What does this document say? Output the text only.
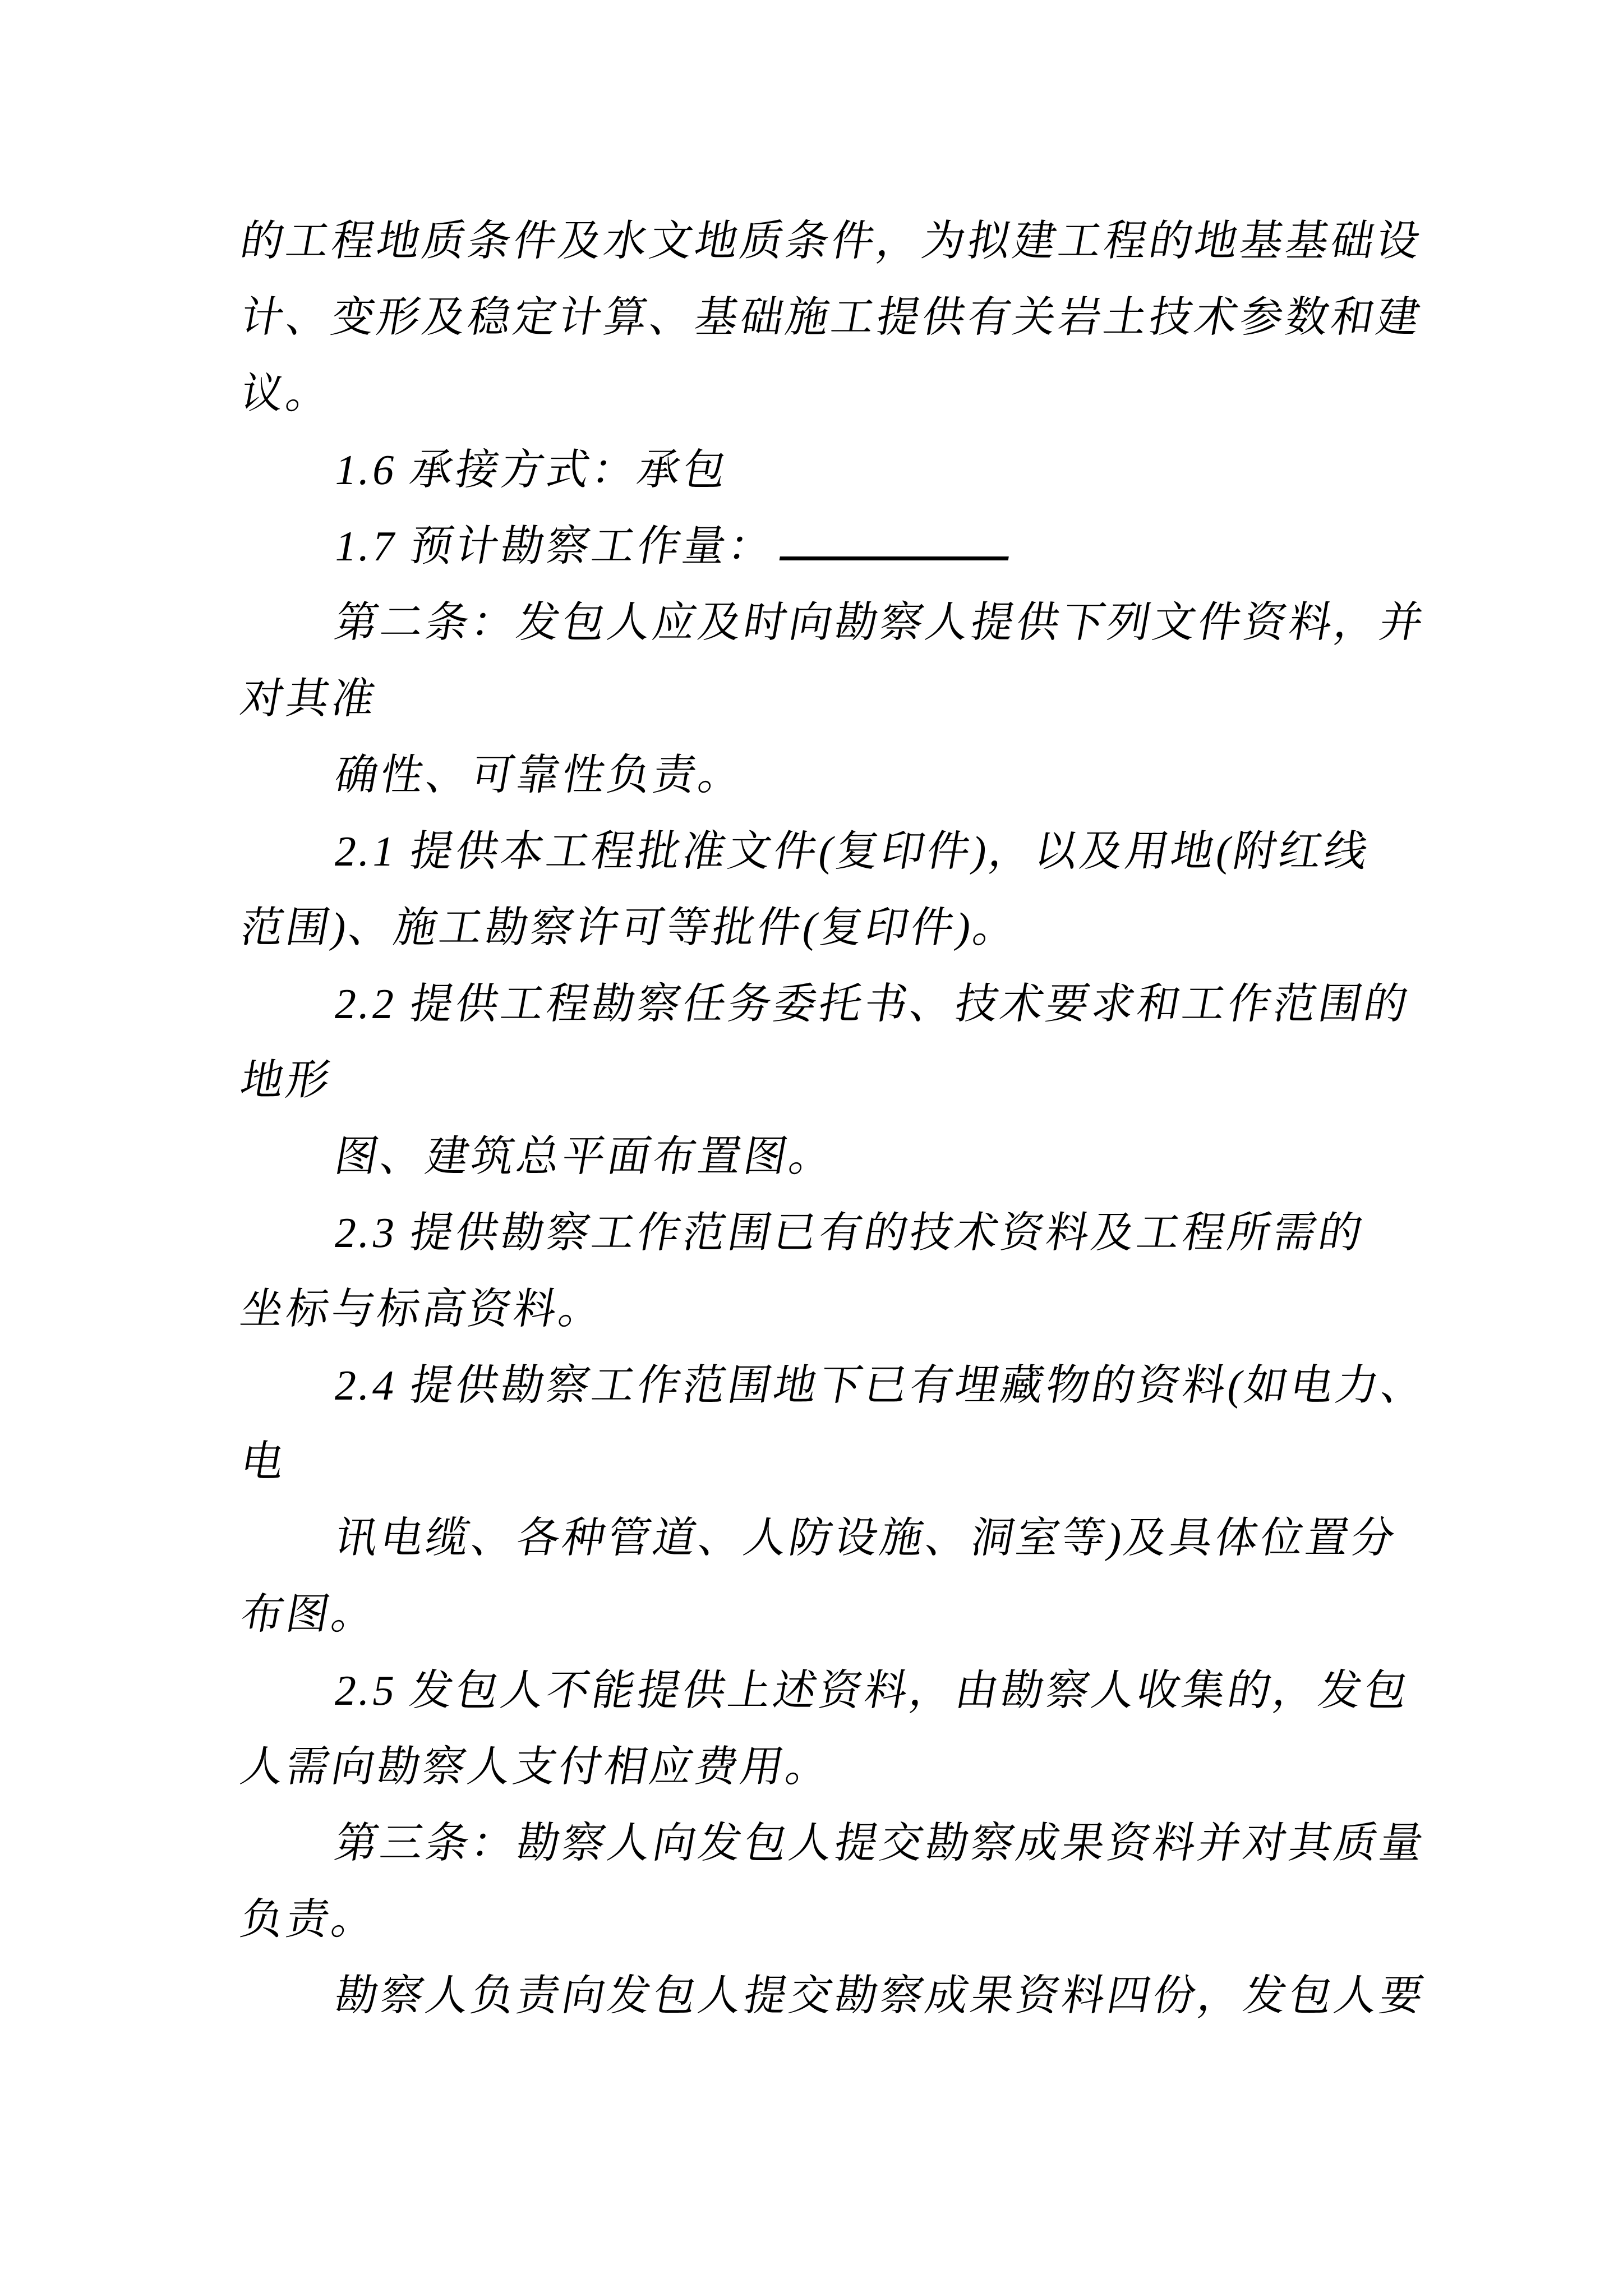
的工程地质条件及水文地质条件，为拟建工程的地基基础设
计、变形及稳定计算、基础施工提供有关岩土技术参数和建
议。
1.6 承接方式：承包
1.7 预计勘察工作量：
第二条：发包人应及时向勘察人提供下列文件资料，并
对其准
确性、可靠性负责。
2.1 提供本工程批准文件(复印件)，以及用地(附红线
范围)、施工勘察许可等批件(复印件)。
2.2 提供工程勘察任务委托书、技术要求和工作范围的
地形
图、建筑总平面布置图。
2.3 提供勘察工作范围已有的技术资料及工程所需的
坐标与标高资料。
2.4 提供勘察工作范围地下已有埋藏物的资料(如电力、
电
讯电缆、各种管道、人防设施、洞室等)及具体位置分
布图。
2.5 发包人不能提供上述资料，由勘察人收集的，发包
人需向勘察人支付相应费用。
第三条：勘察人向发包人提交勘察成果资料并对其质量
负责。
勘察人负责向发包人提交勘察成果资料四份，发包人要
